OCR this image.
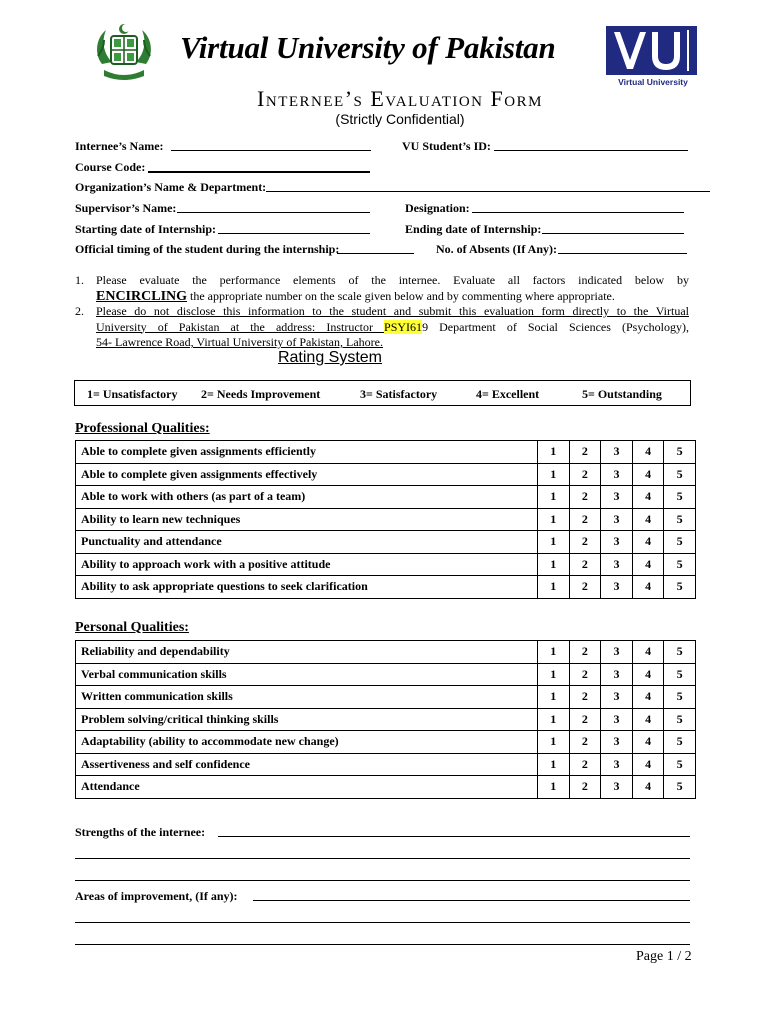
Virtual University of Pakistan
Virtual University
Internee’s Evaluation Form
(Strictly Confidential)
Internee’s Name:	VU Student’s ID:
Course Code:
Organization’s Name & Department:
Supervisor’s Name:	Designation:
Starting date of Internship:	Ending date of Internship:
Official timing of the student during the internship:	No. of Absents (If Any):
1. Please evaluate the performance elements of the internee. Evaluate all factors indicated below by
ENCIRCLING the appropriate number on the scale given below and by commenting where appropriate.
2. Please do not disclose this information to the student and submit this evaluation form directly to the Virtual
University of Pakistan at the address: Instructor PSYI619 Department of Social Sciences (Psychology),
54- Lawrence Road, Virtual University of Pakistan, Lahore.
Rating System
1= Unsatisfactory 2= Needs Improvement	3= Satisfactory	4= Excellent	5= Outstanding
Professional Qualities:
Able to complete given assignments efficiently	1	2	3	4	5
Able to complete given assignments effectively	1	2	3	4	5
Able to work with others (as part of a team)	1	2	3	4	5
Ability to learn new techniques	1	2	3	4	5
Punctuality and attendance	1	2	3	4	5
Ability to approach work with a positive attitude	1	2	3	4	5
Ability to ask appropriate questions to seek clarification	1	2	3	4	5
Personal Qualities:
Reliability and dependability	1	2	3	4	5
Verbal communication skills	1	2	3	4	5
Written communication skills	1	2	3	4	5
Problem solving/critical thinking skills	1	2	3	4	5
Adaptability (ability to accommodate new change)	1	2	3	4	5
Assertiveness and self confidence	1	2	3	4	5
Attendance	1	2	3	4	5
Strengths of the internee:
Areas of improvement, (If any):
Page 1 / 2
